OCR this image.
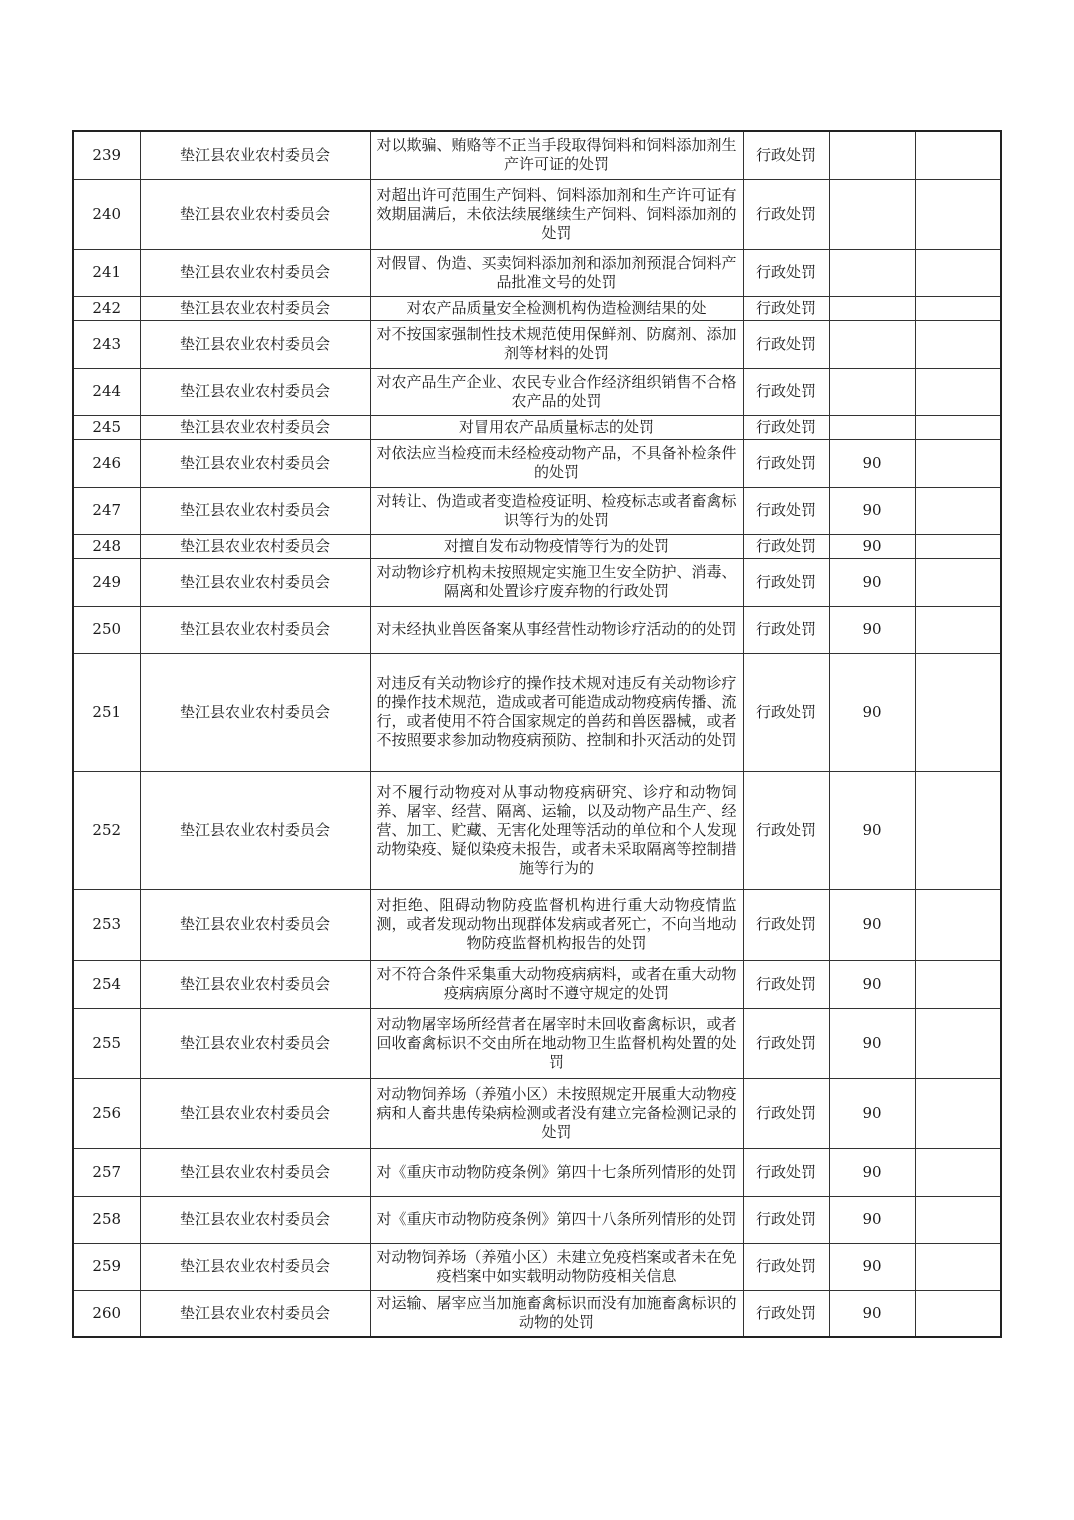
239	垫江县农业农村委员会	对以欺骗、贿赂等不正当手段取得饲料和饲料添加剂生产许可证的处罚	行政处罚		
240	垫江县农业农村委员会	对超出许可范围生产饲料、饲料添加剂和生产许可证有效期届满后，未依法续展继续生产饲料、饲料添加剂的处罚	行政处罚		
241	垫江县农业农村委员会	对假冒、伪造、买卖饲料添加剂和添加剂预混合饲料产品批准文号的处罚	行政处罚		
242	垫江县农业农村委员会	对农产品质量安全检测机构伪造检测结果的处	行政处罚		
243	垫江县农业农村委员会	对不按国家强制性技术规范使用保鲜剂、防腐剂、添加剂等材料的处罚	行政处罚		
244	垫江县农业农村委员会	对农产品生产企业、农民专业合作经济组织销售不合格农产品的处罚	行政处罚		
245	垫江县农业农村委员会	对冒用农产品质量标志的处罚	行政处罚		
246	垫江县农业农村委员会	对依法应当检疫而未经检疫动物产品，不具备补检条件的处罚	行政处罚	90	
247	垫江县农业农村委员会	对转让、伪造或者变造检疫证明、检疫标志或者畜禽标识等行为的处罚	行政处罚	90	
248	垫江县农业农村委员会	对擅自发布动物疫情等行为的处罚	行政处罚	90	
249	垫江县农业农村委员会	对动物诊疗机构未按照规定实施卫生安全防护、消毒、隔离和处置诊疗废弃物的行政处罚	行政处罚	90	
250	垫江县农业农村委员会	对未经执业兽医备案从事经营性动物诊疗活动的的处罚	行政处罚	90	
251	垫江县农业农村委员会	对违反有关动物诊疗的操作技术规对违反有关动物诊疗的操作技术规范，造成或者可能造成动物疫病传播、流行，或者使用不符合国家规定的兽药和兽医器械，或者不按照要求参加动物疫病预防、控制和扑灭活动的处罚	行政处罚	90	
252	垫江县农业农村委员会	对不履行动物疫对从事动物疫病研究、诊疗和动物饲养、屠宰、经营、隔离、运输，以及动物产品生产、经营、加工、贮藏、无害化处理等活动的单位和个人发现动物染疫、疑似染疫未报告，或者未采取隔离等控制措施等行为的	行政处罚	90	
253	垫江县农业农村委员会	对拒绝、阻碍动物防疫监督机构进行重大动物疫情监测，或者发现动物出现群体发病或者死亡，不向当地动物防疫监督机构报告的处罚	行政处罚	90	
254	垫江县农业农村委员会	对不符合条件采集重大动物疫病病料，或者在重大动物疫病病原分离时不遵守规定的处罚	行政处罚	90	
255	垫江县农业农村委员会	对动物屠宰场所经营者在屠宰时未回收畜禽标识，或者回收畜禽标识不交由所在地动物卫生监督机构处置的处罚	行政处罚	90	
256	垫江县农业农村委员会	对动物饲养场（养殖小区）未按照规定开展重大动物疫病和人畜共患传染病检测或者没有建立完备检测记录的处罚	行政处罚	90	
257	垫江县农业农村委员会	对《重庆市动物防疫条例》第四十七条所列情形的处罚	行政处罚	90	
258	垫江县农业农村委员会	对《重庆市动物防疫条例》第四十八条所列情形的处罚	行政处罚	90	
259	垫江县农业农村委员会	对动物饲养场（养殖小区）未建立免疫档案或者未在免疫档案中如实载明动物防疫相关信息	行政处罚	90	
260	垫江县农业农村委员会	对运输、屠宰应当加施畜禽标识而没有加施畜禽标识的动物的处罚	行政处罚	90	
